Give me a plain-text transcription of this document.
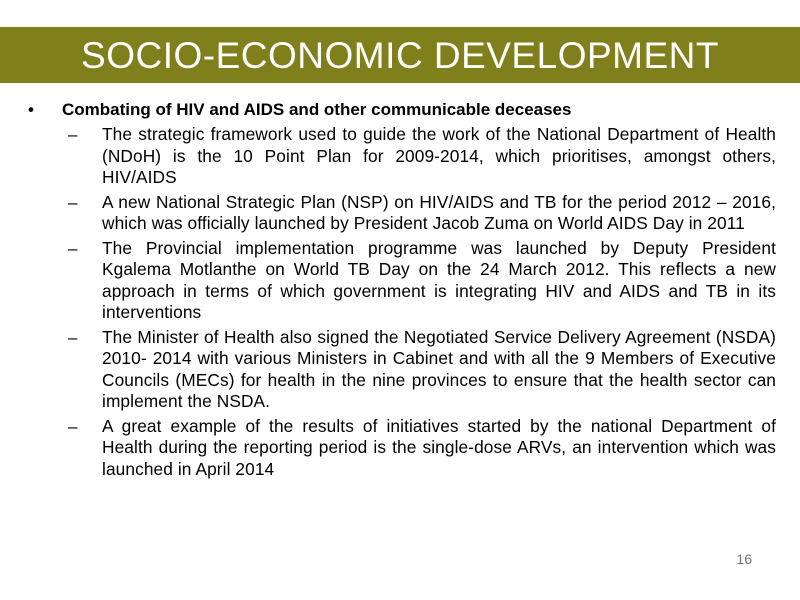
SOCIO-ECONOMIC DEVELOPMENT
•	Combating of HIV and AIDS and other communicable deceases
–	The strategic framework used to guide the work of the National Department of Health (NDoH) is the 10 Point Plan for 2009-2014, which prioritises, amongst others, HIV/AIDS
–	A new National Strategic Plan (NSP) on HIV/AIDS and TB for the period 2012 – 2016, which was officially launched by President Jacob Zuma on World AIDS Day in 2011
–	The Provincial implementation programme was launched by Deputy President Kgalema Motlanthe on World TB Day on the 24 March 2012. This reflects a new approach in terms of which government is integrating HIV and AIDS and TB in its interventions
–	The Minister of Health also signed the Negotiated Service Delivery Agreement (NSDA) 2010- 2014 with various Ministers in Cabinet and with all the 9 Members of Executive Councils (MECs) for health in the nine provinces to ensure that the health sector can implement the NSDA.
–	A great example of the results of initiatives started by the national Department of Health during the reporting period is the single-dose ARVs, an intervention which was launched in April 2014
16
